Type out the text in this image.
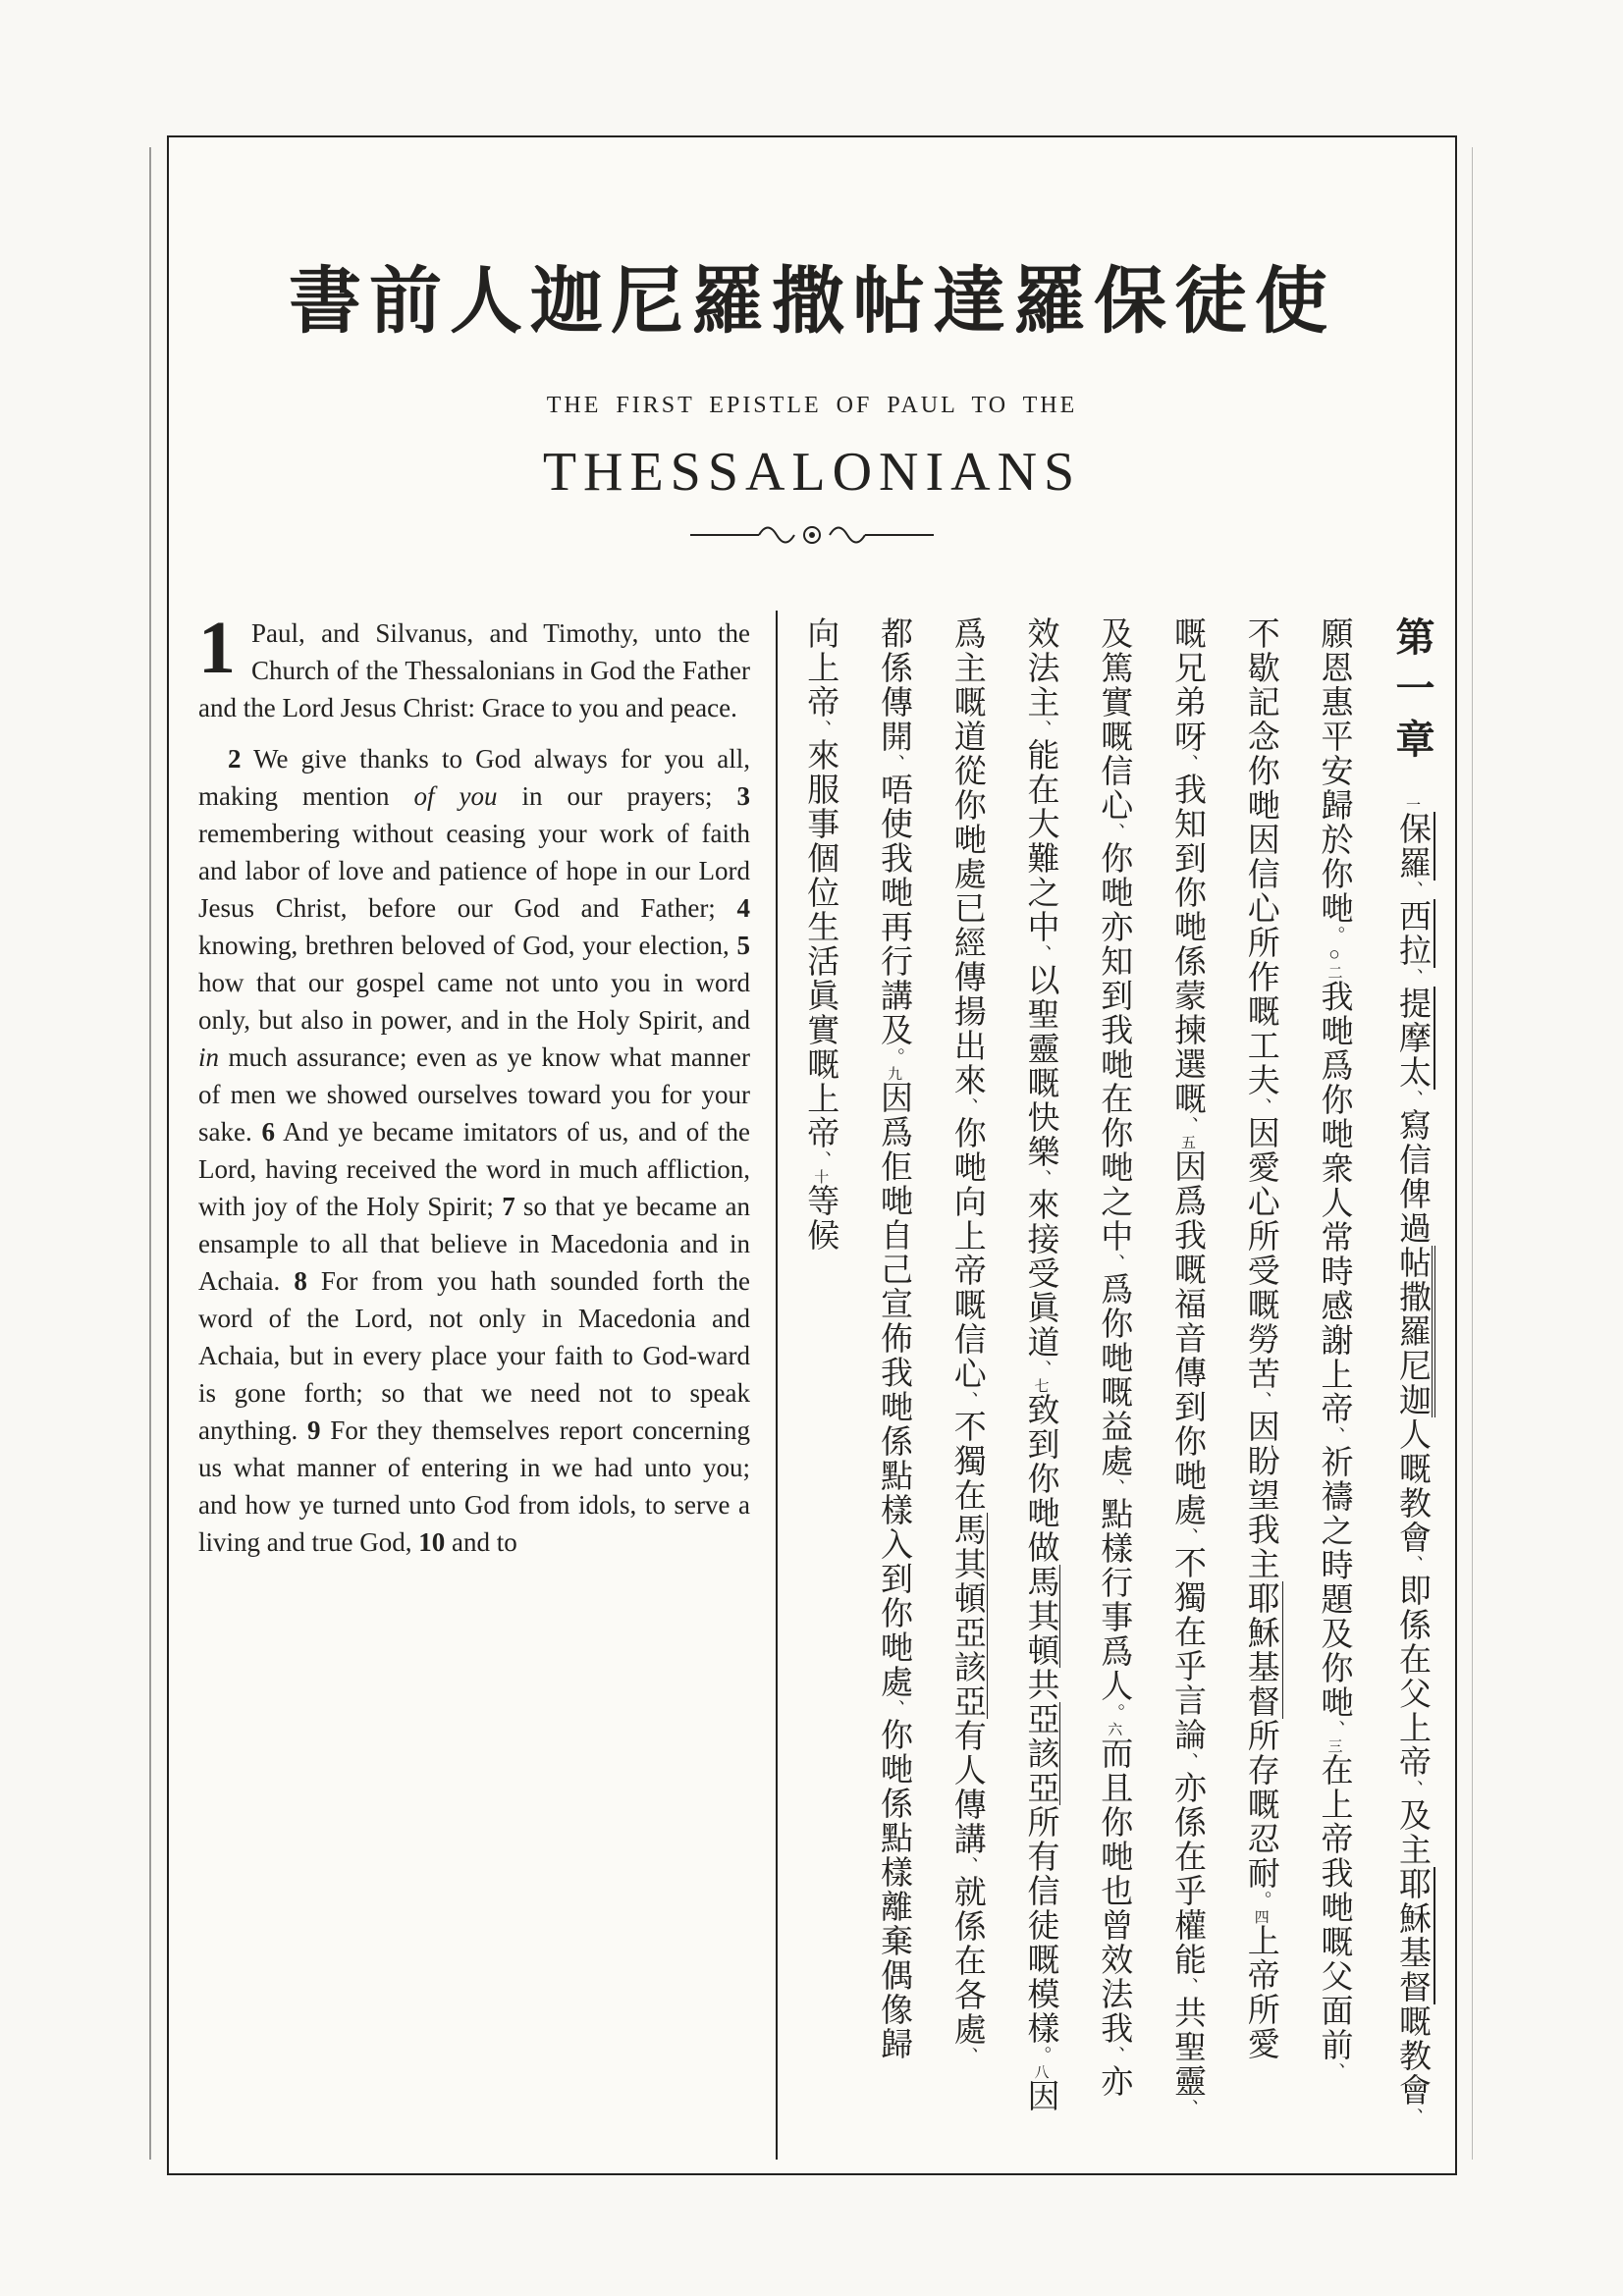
書前人迦尼羅撒帖達羅保徒使
THE FIRST EPISTLE OF PAUL TO THE
THESSALONIANS

1 Paul, and Silvanus, and Timothy, unto the Church of the Thessalonians in God the Father and the Lord Jesus Christ: Grace to you and peace.

2 We give thanks to God always for you all, making mention of you in our prayers; 3 remembering without ceasing your work of faith and labor of love and patience of hope in our Lord Jesus Christ, before our God and Father; 4 knowing, brethren beloved of God, your election, 5 how that our gospel came not unto you in word only, but also in power, and in the Holy Spirit, and in much assurance; even as ye know what manner of men we showed ourselves toward you for your sake. 6 And ye became imitators of us, and of the Lord, having received the word in much affliction, with joy of the Holy Spirit; 7 so that ye became an ensample to all that believe in Macedonia and in Achaia. 8 For from you hath sounded forth the word of the Lord, not only in Macedonia and Achaia, but in every place your faith to God-ward is gone forth; so that we need not to speak anything. 9 For they themselves report concerning us what manner of entering in we had unto you; and how ye turned unto God from idols, to serve a living and true God, 10 and to

第一章一保羅、西拉、提摩太、寫信俾過帖撒羅尼迦人嘅教會、即係在父上帝、及主耶穌基督嘅教會、
願恩惠平安歸於你哋。○二我哋爲你哋衆人常時感謝上帝、祈禱之時題及你哋、三在上帝我哋嘅父面前、
不歇記念你哋因信心所作嘅工夫、因愛心所受嘅勞苦、因盼望我主耶穌基督所存嘅忍耐。四上帝所愛
嘅兄弟呀、我知到你哋係蒙揀選嘅、五因爲我嘅福音傳到你哋處、不獨在乎言論、亦係在乎權能、共聖靈、
及篤實嘅信心、你哋亦知到我哋在你哋之中、爲你哋嘅益處、點樣行事爲人。六而且你哋也曾效法我、亦
效法主、能在大難之中、以聖靈嘅快樂、來接受眞道、七致到你哋做馬其頓共亞該亞所有信徒嘅模樣。八因
爲主嘅道從你哋處已經傳揚出來、你哋向上帝嘅信心、不獨在馬其頓亞該亞有人傳講、就係在各處、
都係傳開、唔使我哋再行講及。九因爲佢哋自己宣佈我哋係點樣入到你哋處、你哋係點樣離棄偶像歸
向上帝、來服事個位生活眞實嘅上帝、十等候
